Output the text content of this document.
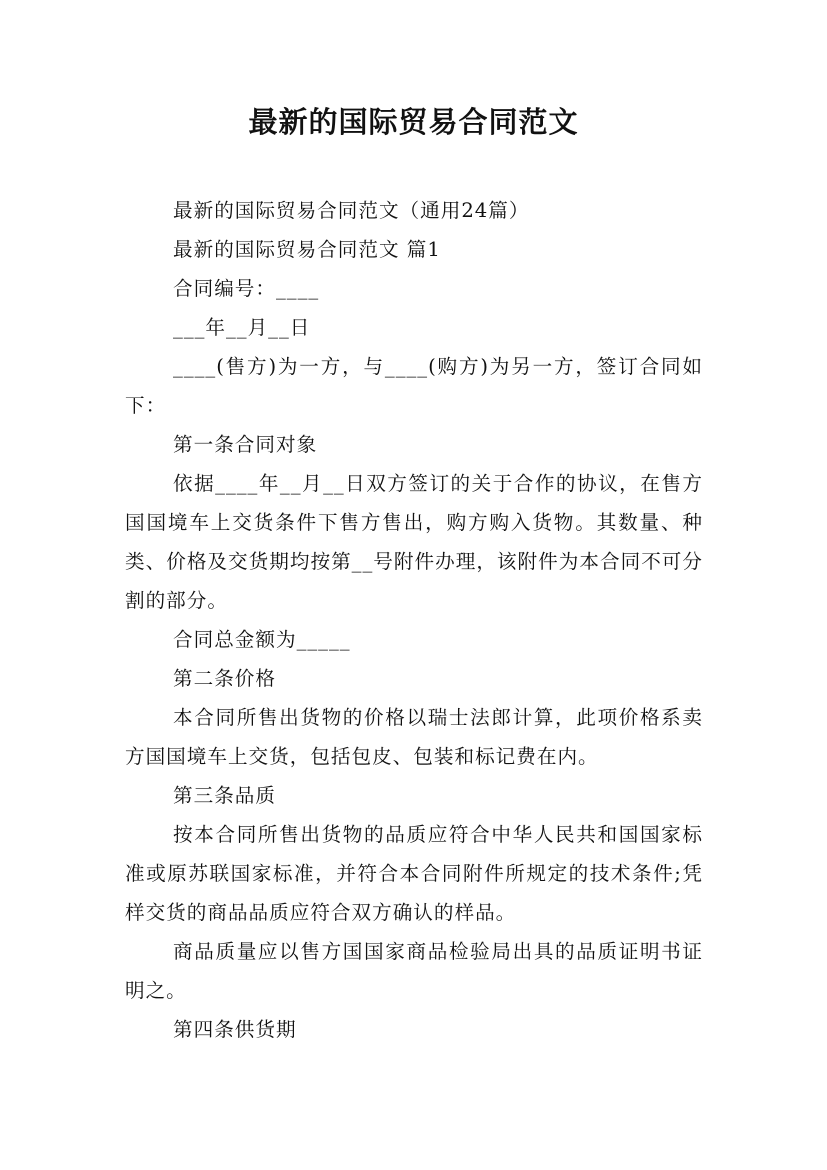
最新的国际贸易合同范文

最新的国际贸易合同范文（通用24篇）

最新的国际贸易合同范文 篇1

合同编号：____

___年__月__日

____(售方)为一方，与____(购方)为另一方，签订合同如下：

第一条合同对象

依据____年__月__日双方签订的关于合作的协议，在售方国国境车上交货条件下售方售出，购方购入货物。其数量、种类、价格及交货期均按第__号附件办理，该附件为本合同不可分割的部分。

合同总金额为_____

第二条价格

本合同所售出货物的价格以瑞士法郎计算，此项价格系卖方国国境车上交货，包括包皮、包装和标记费在内。

第三条品质

按本合同所售出货物的品质应符合中华人民共和国国家标准或原苏联国家标准，并符合本合同附件所规定的技术条件;凭样交货的商品品质应符合双方确认的样品。

商品质量应以售方国国家商品检验局出具的品质证明书证明之。

第四条供货期
